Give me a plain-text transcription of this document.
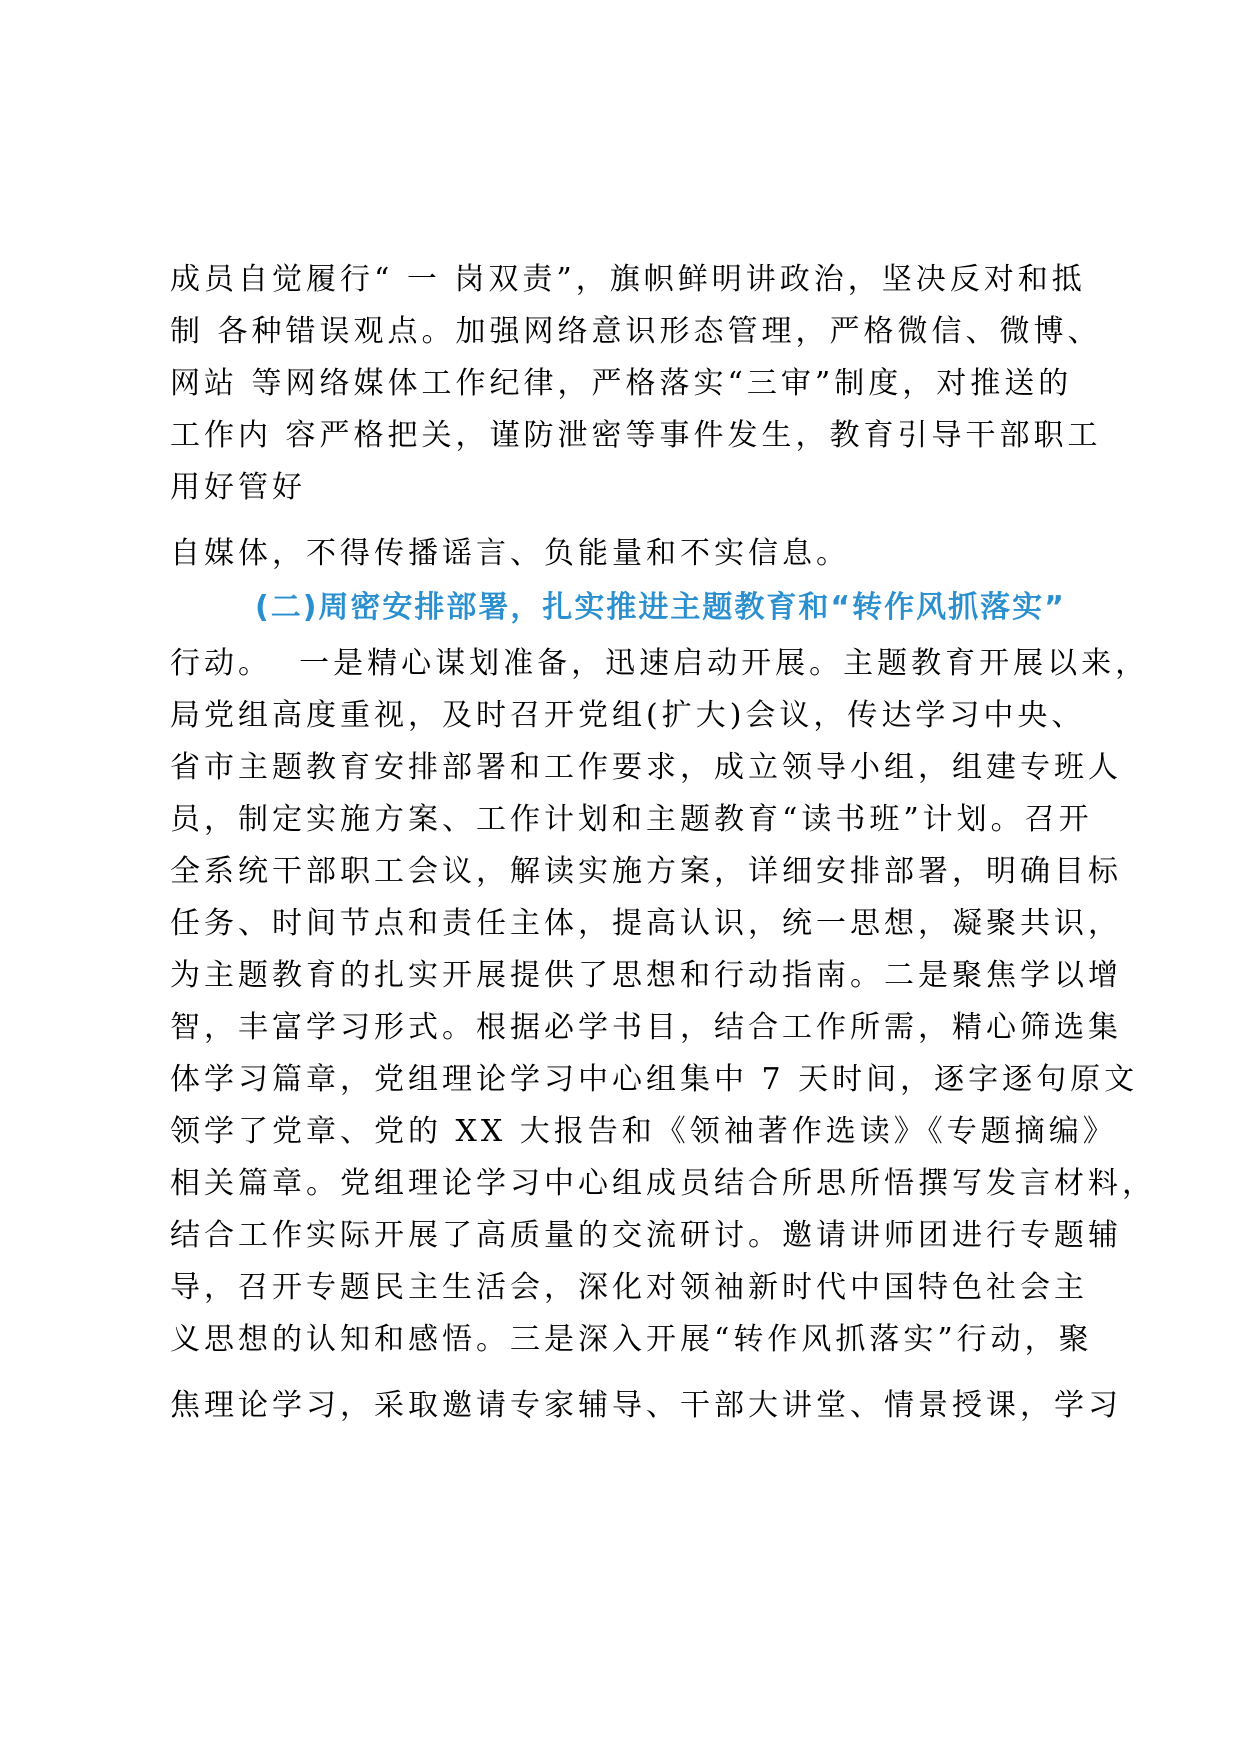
成员自觉履行“ 一 岗双责”，旗帜鲜明讲政治，坚决反对和抵
制 各种错误观点。加强网络意识形态管理，严格微信、微博、
网站 等网络媒体工作纪律，严格落实“三审”制度，对推送的
工作内 容严格把关，谨防泄密等事件发生，教育引导干部职工
用好管好
自媒体，不得传播谣言、负能量和不实信息。
(二)周密安排部署，扎实推进主题教育和“转作风抓落实”
行动。  一是精心谋划准备，迅速启动开展。主题教育开展以来，
局党组高度重视，及时召开党组(扩大)会议，传达学习中央、
省市主题教育安排部署和工作要求，成立领导小组，组建专班人
员，制定实施方案、工作计划和主题教育“读书班”计划。召开
全系统干部职工会议，解读实施方案，详细安排部署，明确目标
任务、时间节点和责任主体，提高认识，统一思想，凝聚共识，
为主题教育的扎实开展提供了思想和行动指南。二是聚焦学以增
智，丰富学习形式。根据必学书目，结合工作所需，精心筛选集
体学习篇章，党组理论学习中心组集中 7 天时间，逐字逐句原文
领学了党章、党的 XX 大报告和《领袖著作选读》《专题摘编》
相关篇章。党组理论学习中心组成员结合所思所悟撰写发言材料，
结合工作实际开展了高质量的交流研讨。邀请讲师团进行专题辅
导，召开专题民主生活会，深化对领袖新时代中国特色社会主
义思想的认知和感悟。三是深入开展“转作风抓落实”行动，聚
焦理论学习，采取邀请专家辅导、干部大讲堂、情景授课，学习
